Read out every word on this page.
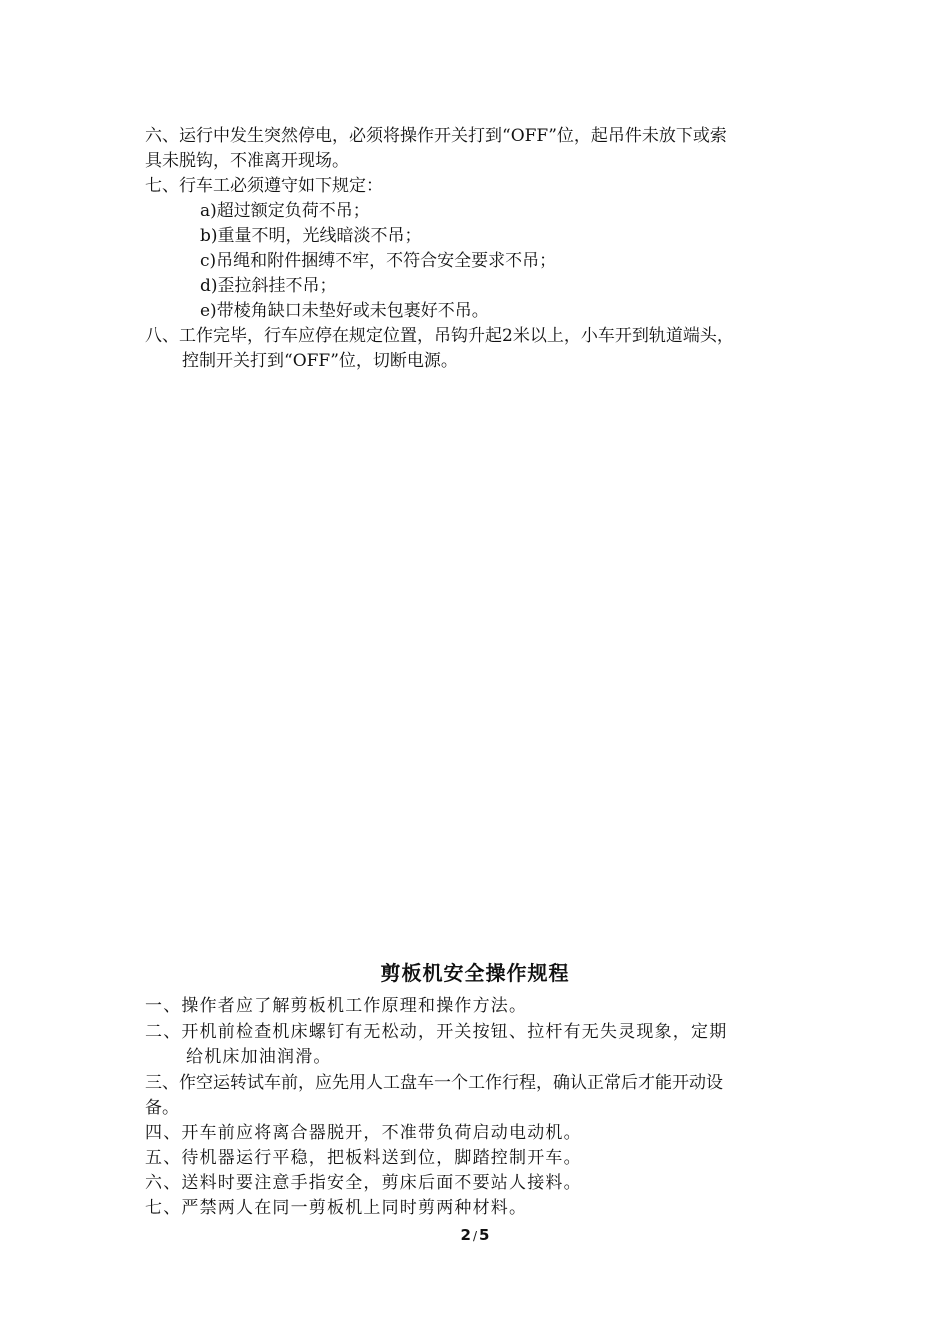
六、运行中发生突然停电，必须将操作开关打到“OFF”位，起吊件未放下或索
具未脱钩，不准离开现场。
七、行车工必须遵守如下规定：
a)超过额定负荷不吊；
b)重量不明，光线暗淡不吊；
c)吊绳和附件捆缚不牢，不符合安全要求不吊；
d)歪拉斜挂不吊；
e)带棱角缺口未垫好或未包裹好不吊。
八、工作完毕，行车应停在规定位置，吊钩升起2米以上，小车开到轨道端头，
控制开关打到“OFF”位，切断电源。
剪板机安全操作规程
一、操作者应了解剪板机工作原理和操作方法。
二、开机前检查机床螺钉有无松动，开关按钮、拉杆有无失灵现象，定期
给机床加油润滑。
三、作空运转试车前，应先用人工盘车一个工作行程，确认正常后才能开动设
备。
四、开车前应将离合器脱开，不准带负荷启动电动机。
五、待机器运行平稳，把板料送到位，脚踏控制开车。
六、送料时要注意手指安全，剪床后面不要站人接料。
七、严禁两人在同一剪板机上同时剪两种材料。
2 / 5
